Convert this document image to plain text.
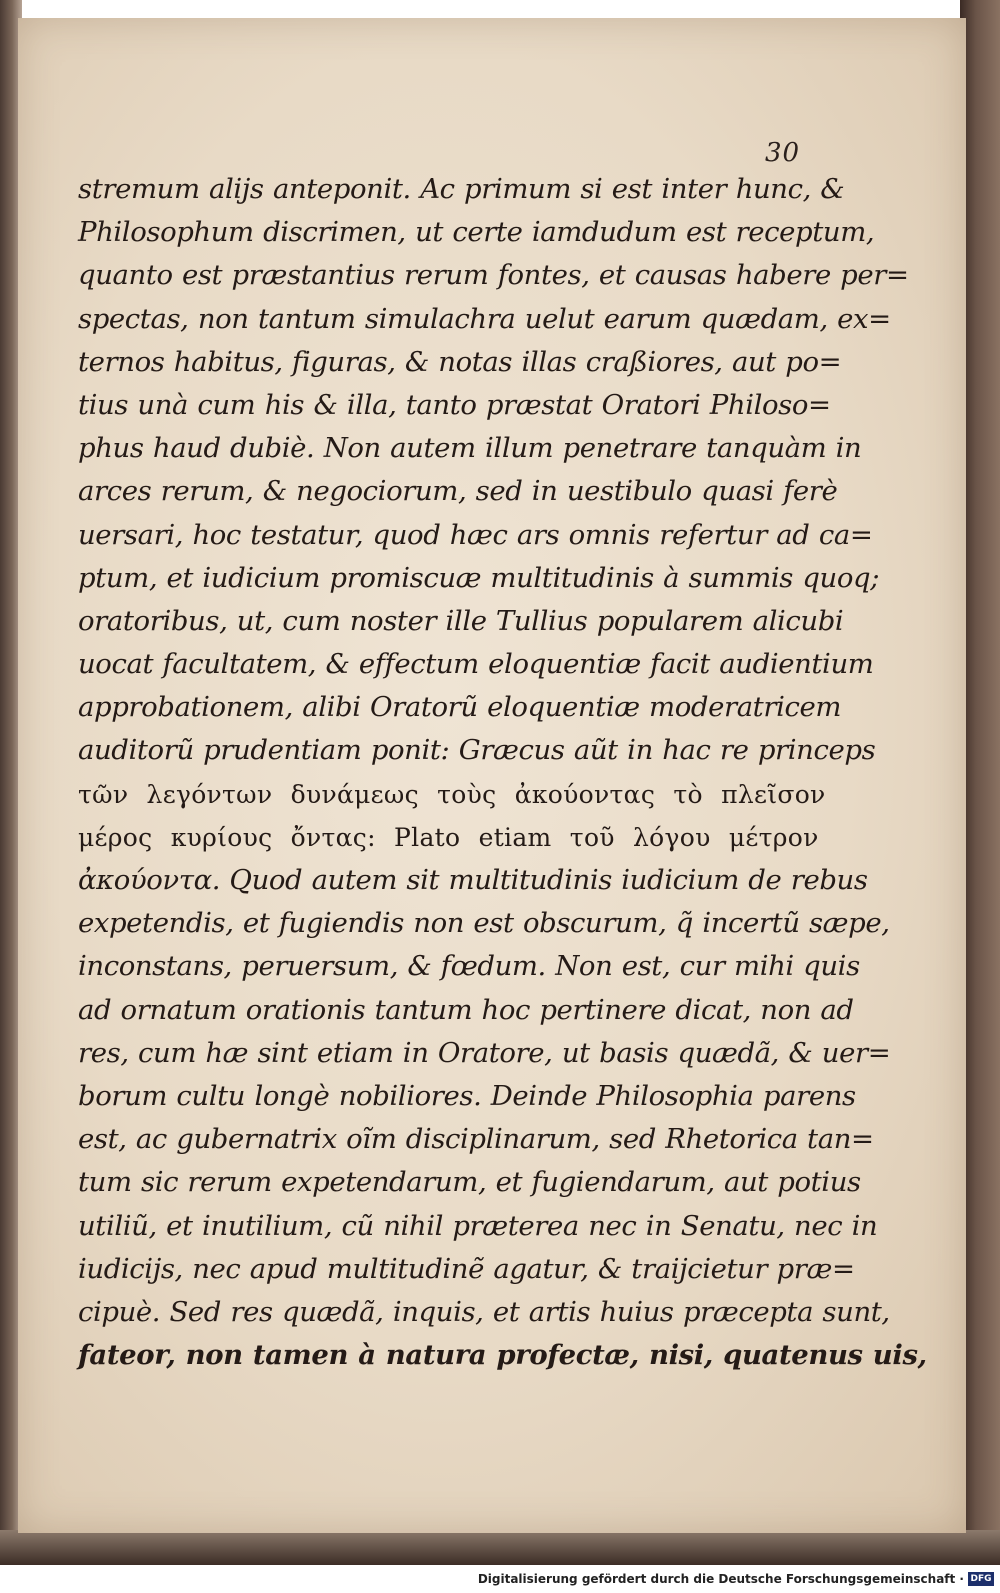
30
stremum alijs anteponit. Ac primum si est inter hunc, &
Philosophum discrimen, ut certe iamdudum est receptum,
quanto est præstantius rerum fontes, et causas habere per=
spectas, non tantum simulachra uelut earum quædam, ex=
ternos habitus, figuras, & notas illas craßiores, aut po=
tius unà cum his & illa, tanto præstat Oratori Philoso=
phus haud dubiè. Non autem illum penetrare tanquàm in
arces rerum, & negociorum, sed in uestibulo quasi ferè
uersari, hoc testatur, quod hæc ars omnis refertur ad ca=
ptum, et iudicium promiscuæ multitudinis à summis quoq;
oratoribus, ut, cum noster ille Tullius popularem alicubi
uocat facultatem, & effectum eloquentiæ facit audientium
approbationem, alibi Oratorũ eloquentiæ moderatricem
auditorũ prudentiam ponit: Græcus aũt in hac re princeps
τῶν λεγόντων δυνάμεως τοὺς ἀκούοντας τὸ πλεῖσον
μέρος κυρίους ὄντας: Plato etiam τοῦ λόγου μέτρον
ἀκούοντα. Quod autem sit multitudinis iudicium de rebus
expetendis, et fugiendis non est obscurum, q̃ incertũ sæpe,
inconstans, peruersum, & fœdum. Non est, cur mihi quis
ad ornatum orationis tantum hoc pertinere dicat, non ad
res, cum hæ sint etiam in Oratore, ut basis quædã, & uer=
borum cultu longè nobiliores. Deinde Philosophia parens
est, ac gubernatrix oĩm disciplinarum, sed Rhetorica tan=
tum sic rerum expetendarum, et fugiendarum, aut potius
utiliũ, et inutilium, cũ nihil præterea nec in Senatu, nec in
iudicijs, nec apud multitudinẽ agatur, & traijcietur præ=
cipuè. Sed res quædã, inquis, et artis huius præcepta sunt,
fateor, non tamen à natura profectæ, nisi, quatenus uis,
Digitalisierung gefördert durch die Deutsche Forschungsgemeinschaft · DFG
